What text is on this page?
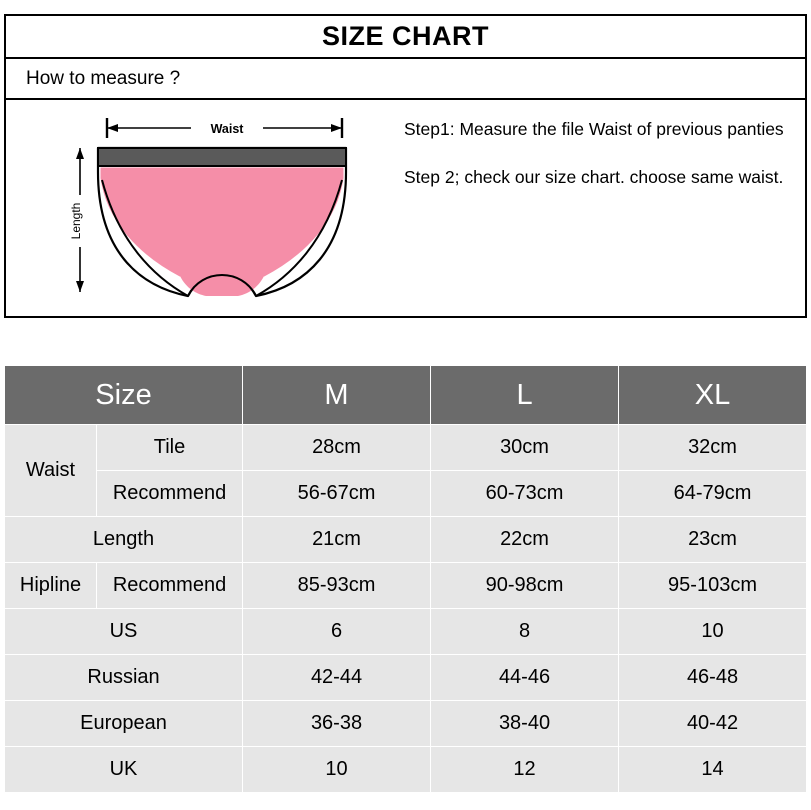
SIZE CHART
How to measure ?
Waist
Length
Step1: Measure the file Waist of previous panties
Step 2; check our size chart. choose same waist.
Size		M	L	XL
Waist	Tile	28cm	30cm	32cm
	Recommend	56-67cm	60-73cm	64-79cm
Length		21cm	22cm	23cm
Hipline	Recommend	85-93cm	90-98cm	95-103cm
US		6	8	10
Russian		42-44	44-46	46-48
European		36-38	38-40	40-42
UK		10	12	14
